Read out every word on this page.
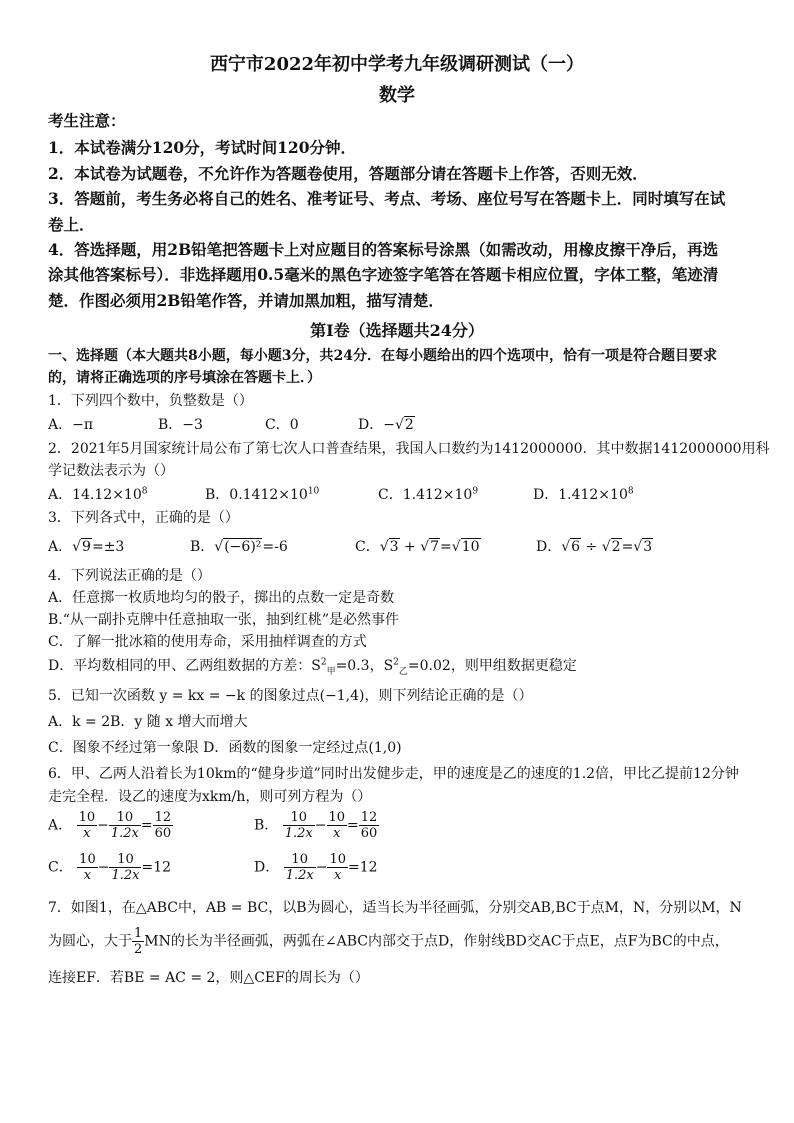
西宁市2022年初中学考九年级调研测试（一）
数学
考生注意：
1．本试卷满分120分，考试时间120分钟．
2．本试卷为试题卷，不允许作为答题卷使用，答题部分请在答题卡上作答，否则无效．
3．答题前，考生务必将自己的姓名、准考证号、考点、考场、座位号写在答题卡上．同时填写在试
卷上．
4．答选择题，用2B铅笔把答题卡上对应题目的答案标号涂黑（如需改动，用橡皮擦干净后，再选
涂其他答案标号）．非选择题用0.5毫米的黑色字迹签字笔答在答题卡相应位置，字体工整，笔迹清
楚．作图必须用2B铅笔作答，并请加黑加粗，描写清楚．
第Ⅰ卷（选择题共24分）
一、选择题（本大题共8小题，每小题3分，共24分．在每小题给出的四个选项中，恰有一项是符合题目要求
的，请将正确选项的序号填涂在答题卡上．）
1．下列四个数中，负整数是（）
A．−π	B．−3	C．0	D．−√2
2．2021年5月国家统计局公布了第七次人口普查结果，我国人口数约为1412000000．其中数据1412000000用科
学记数法表示为（）
A．$14.12\times 10^8$	B．$0.1412\times 10^{10}$	C．$1.412\times 10^9$	D．$1.412\times 10^8$
3．下列各式中，正确的是（）
A．√9=±3	B．√(−6)²=-6	C．√3 + √7=√10	D．√6 ÷ √2=√3
4．下列说法正确的是（）
A．任意掷一枚质地均匀的骰子，掷出的点数一定是奇数
B.“从一副扑克牌中任意抽取一张，抽到红桃”是必然事件
C．了解一批冰箱的使用寿命，采用抽样调查的方式
D．平均数相同的甲、乙两组数据的方差：$S^2_甲=0.3$，$S^2_乙=0.02$，则甲组数据更稳定
5．已知一次函数 y = kx = −k 的图象过点(−1,4)，则下列结论正确的是（）
A．k = 2B．y 随 x 增大而增大
C．图象不经过第一象限 D．函数的图象一定经过点(1,0)
6．甲、乙两人沿着长为10km的“健身步道”同时出发健步走，甲的速度是乙的速度的1.2倍，甲比乙提前12分钟
走完全程．设乙的速度为xkm/h，则可列方程为（）
A． $\frac{10}{x} - \frac{10}{1.2x} = \frac{12}{60}$	B． $\frac{10}{1.2x} - \frac{10}{x} = \frac{12}{60}$
C． $\frac{10}{x} - \frac{10}{1.2x} =12$	D． $\frac{10}{1.2x} - \frac{10}{x} =12$
7．如图1，在△ABC中，AB = BC，以B为圆心，适当长为半径画弧，分别交AB,BC于点M，N，分别以M，N
为圆心，大于 $\frac{1}{2}$ MN的长为半径画弧，两弧在∠ABC内部交于点D，作射线BD交AC于点E，点F为BC的中点，
连接EF．若BE = AC = 2，则△CEF的周长为（）
